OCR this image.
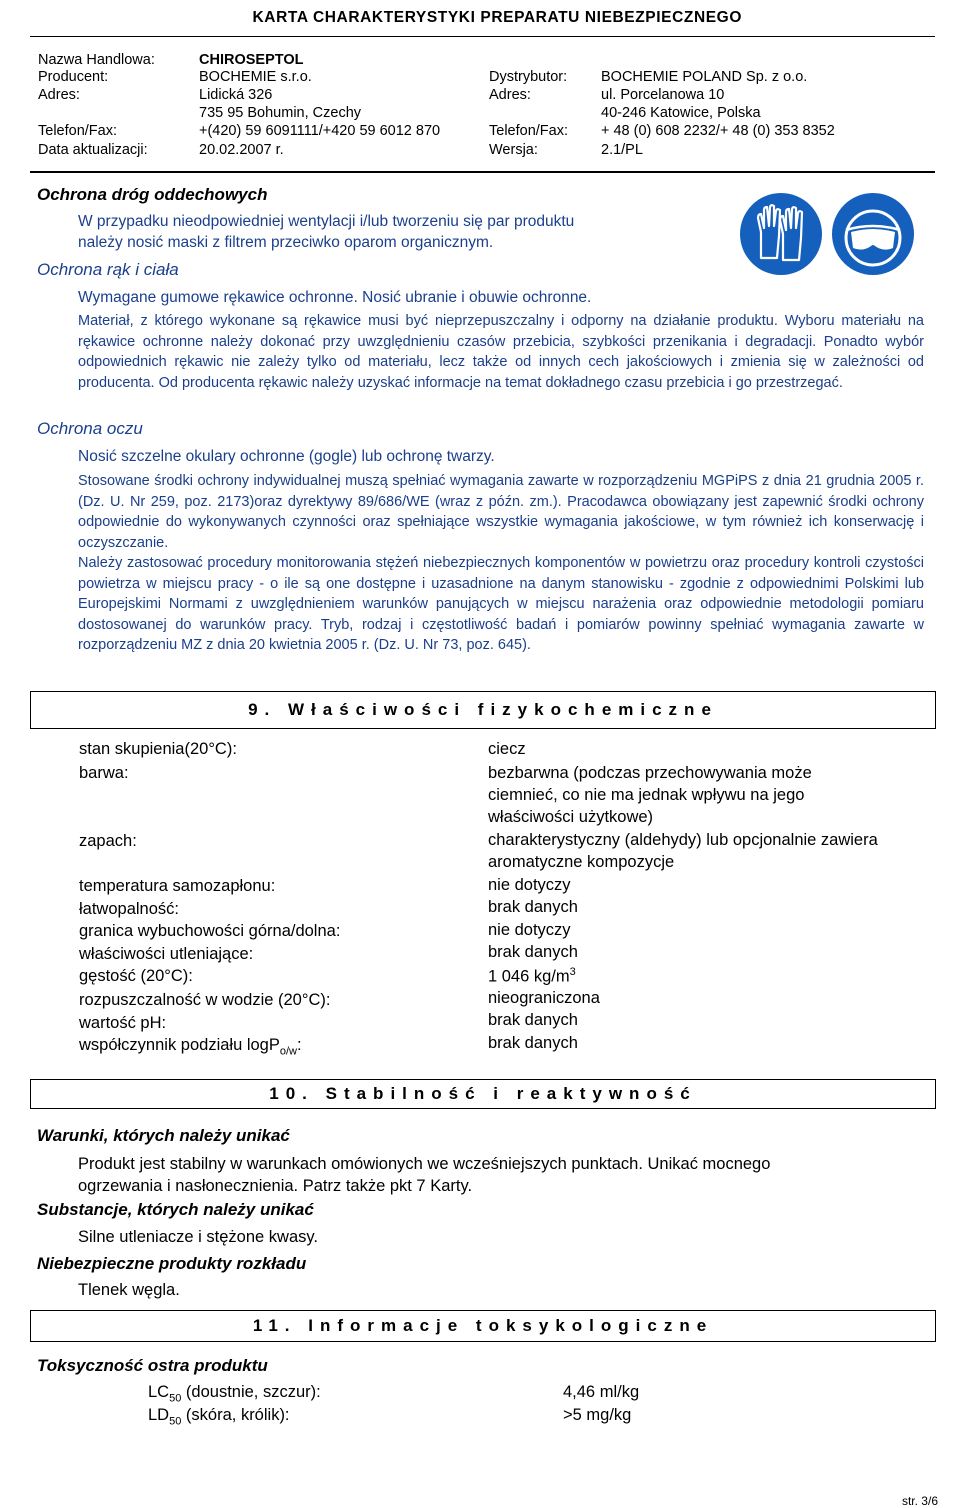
KARTA CHARAKTERYSTYKI PREPARATU NIEBEZPIECZNEGO
Nazwa Handlowa:	CHIROSEPTOL
Producent:	BOCHEMIE s.r.o.
Adres:	Lidická 326
735 95 Bohumin, Czechy
Telefon/Fax:	+(420) 59 6091111/+420 59 6012 870
Data aktualizacji:	20.02.2007 r.
Dystrybutor: BOCHEMIE POLAND Sp. z o.o.
Adres:	ul. Porcelanowa 10
40-246 Katowice, Polska
Telefon/Fax: + 48 (0) 608 2232/+ 48 (0) 353 8352
Wersja:	2.1/PL
Ochrona dróg oddechowych
W przypadku nieodpowiedniej wentylacji i/lub tworzeniu się par produktu
należy nosić maski z filtrem przeciwko oparom organicznym.
Ochrona rąk i ciała
Wymagane gumowe rękawice ochronne. Nosić ubranie i obuwie ochronne.
Materiał, z którego wykonane są rękawice musi być nieprzepuszczalny i odporny na działanie produktu. Wyboru materiału na rękawice ochronne należy dokonać przy uwzględnieniu czasów przebicia, szybkości przenikania i degradacji. Ponadto wybór odpowiednich rękawic nie zależy tylko od materiału, lecz także od innych cech jakościowych i zmienia się w zależności od producenta. Od producenta rękawic należy uzyskać informacje na temat dokładnego czasu przebicia i go przestrzegać.
Ochrona oczu
Nosić szczelne okulary ochronne (gogle) lub ochronę twarzy.
Stosowane środki ochrony indywidualnej muszą spełniać wymagania zawarte w rozporządzeniu MGPiPS z dnia 21 grudnia 2005 r. (Dz. U. Nr 259, poz. 2173)oraz dyrektywy 89/686/WE (wraz z późn. zm.). Pracodawca obowiązany jest zapewnić środki ochrony odpowiednie do wykonywanych czynności oraz spełniające wszystkie wymagania jakościowe, w tym również ich konserwację i oczyszczanie.
Należy zastosować procedury monitorowania stężeń niebezpiecznych komponentów w powietrzu oraz procedury kontroli czystości powietrza w miejscu pracy - o ile są one dostępne i uzasadnione na danym stanowisku - zgodnie z odpowiednimi Polskimi lub Europejskimi Normami z uwzględnieniem warunków panujących w miejscu narażenia oraz odpowiednie metodologii pomiaru dostosowanej do warunków pracy. Tryb, rodzaj i częstotliwość badań i pomiarów powinny spełniać wymagania zawarte w rozporządzeniu MZ z dnia 20 kwietnia 2005 r. (Dz. U. Nr 73, poz. 645).
9. Właściwości fizykochemiczne
stan skupienia(20°C):	ciecz
barwa:	bezbarwna (podczas przechowywania może
ciemnieć, co nie ma jednak wpływu na jego
właściwości użytkowe)
zapach:	charakterystyczny (aldehydy) lub opcjonalnie zawiera
aromatyczne kompozycje
temperatura samozapłonu:	nie dotyczy
łatwopalność:	brak danych
granica wybuchowości górna/dolna:	nie dotyczy
właściwości utleniające:	brak danych
gęstość (20°C):	1 046 $kg/m^3$
rozpuszczalność w wodzie (20°C):	nieograniczona
wartość pH:	brak danych
współczynnik podziału logP$_{o/w}$:	brak danych
10. Stabilność i reaktywność
Warunki, których należy unikać
Produkt jest stabilny w warunkach omówionych we wcześniejszych punktach. Unikać mocnego
ogrzewania i nasłonecznienia. Patrz także pkt 7 Karty.
Substancje, których należy unikać
Silne utleniacze i stężone kwasy.
Niebezpieczne produkty rozkładu
Tlenek węgla.
11. Informacje toksykologiczne
Toksyczność ostra produktu
$LC_{50}$ (doustnie, szczur):	4,46 ml/kg
$LD_{50}$ (skóra, królik):	>5 mg/kg
str. 3/6
